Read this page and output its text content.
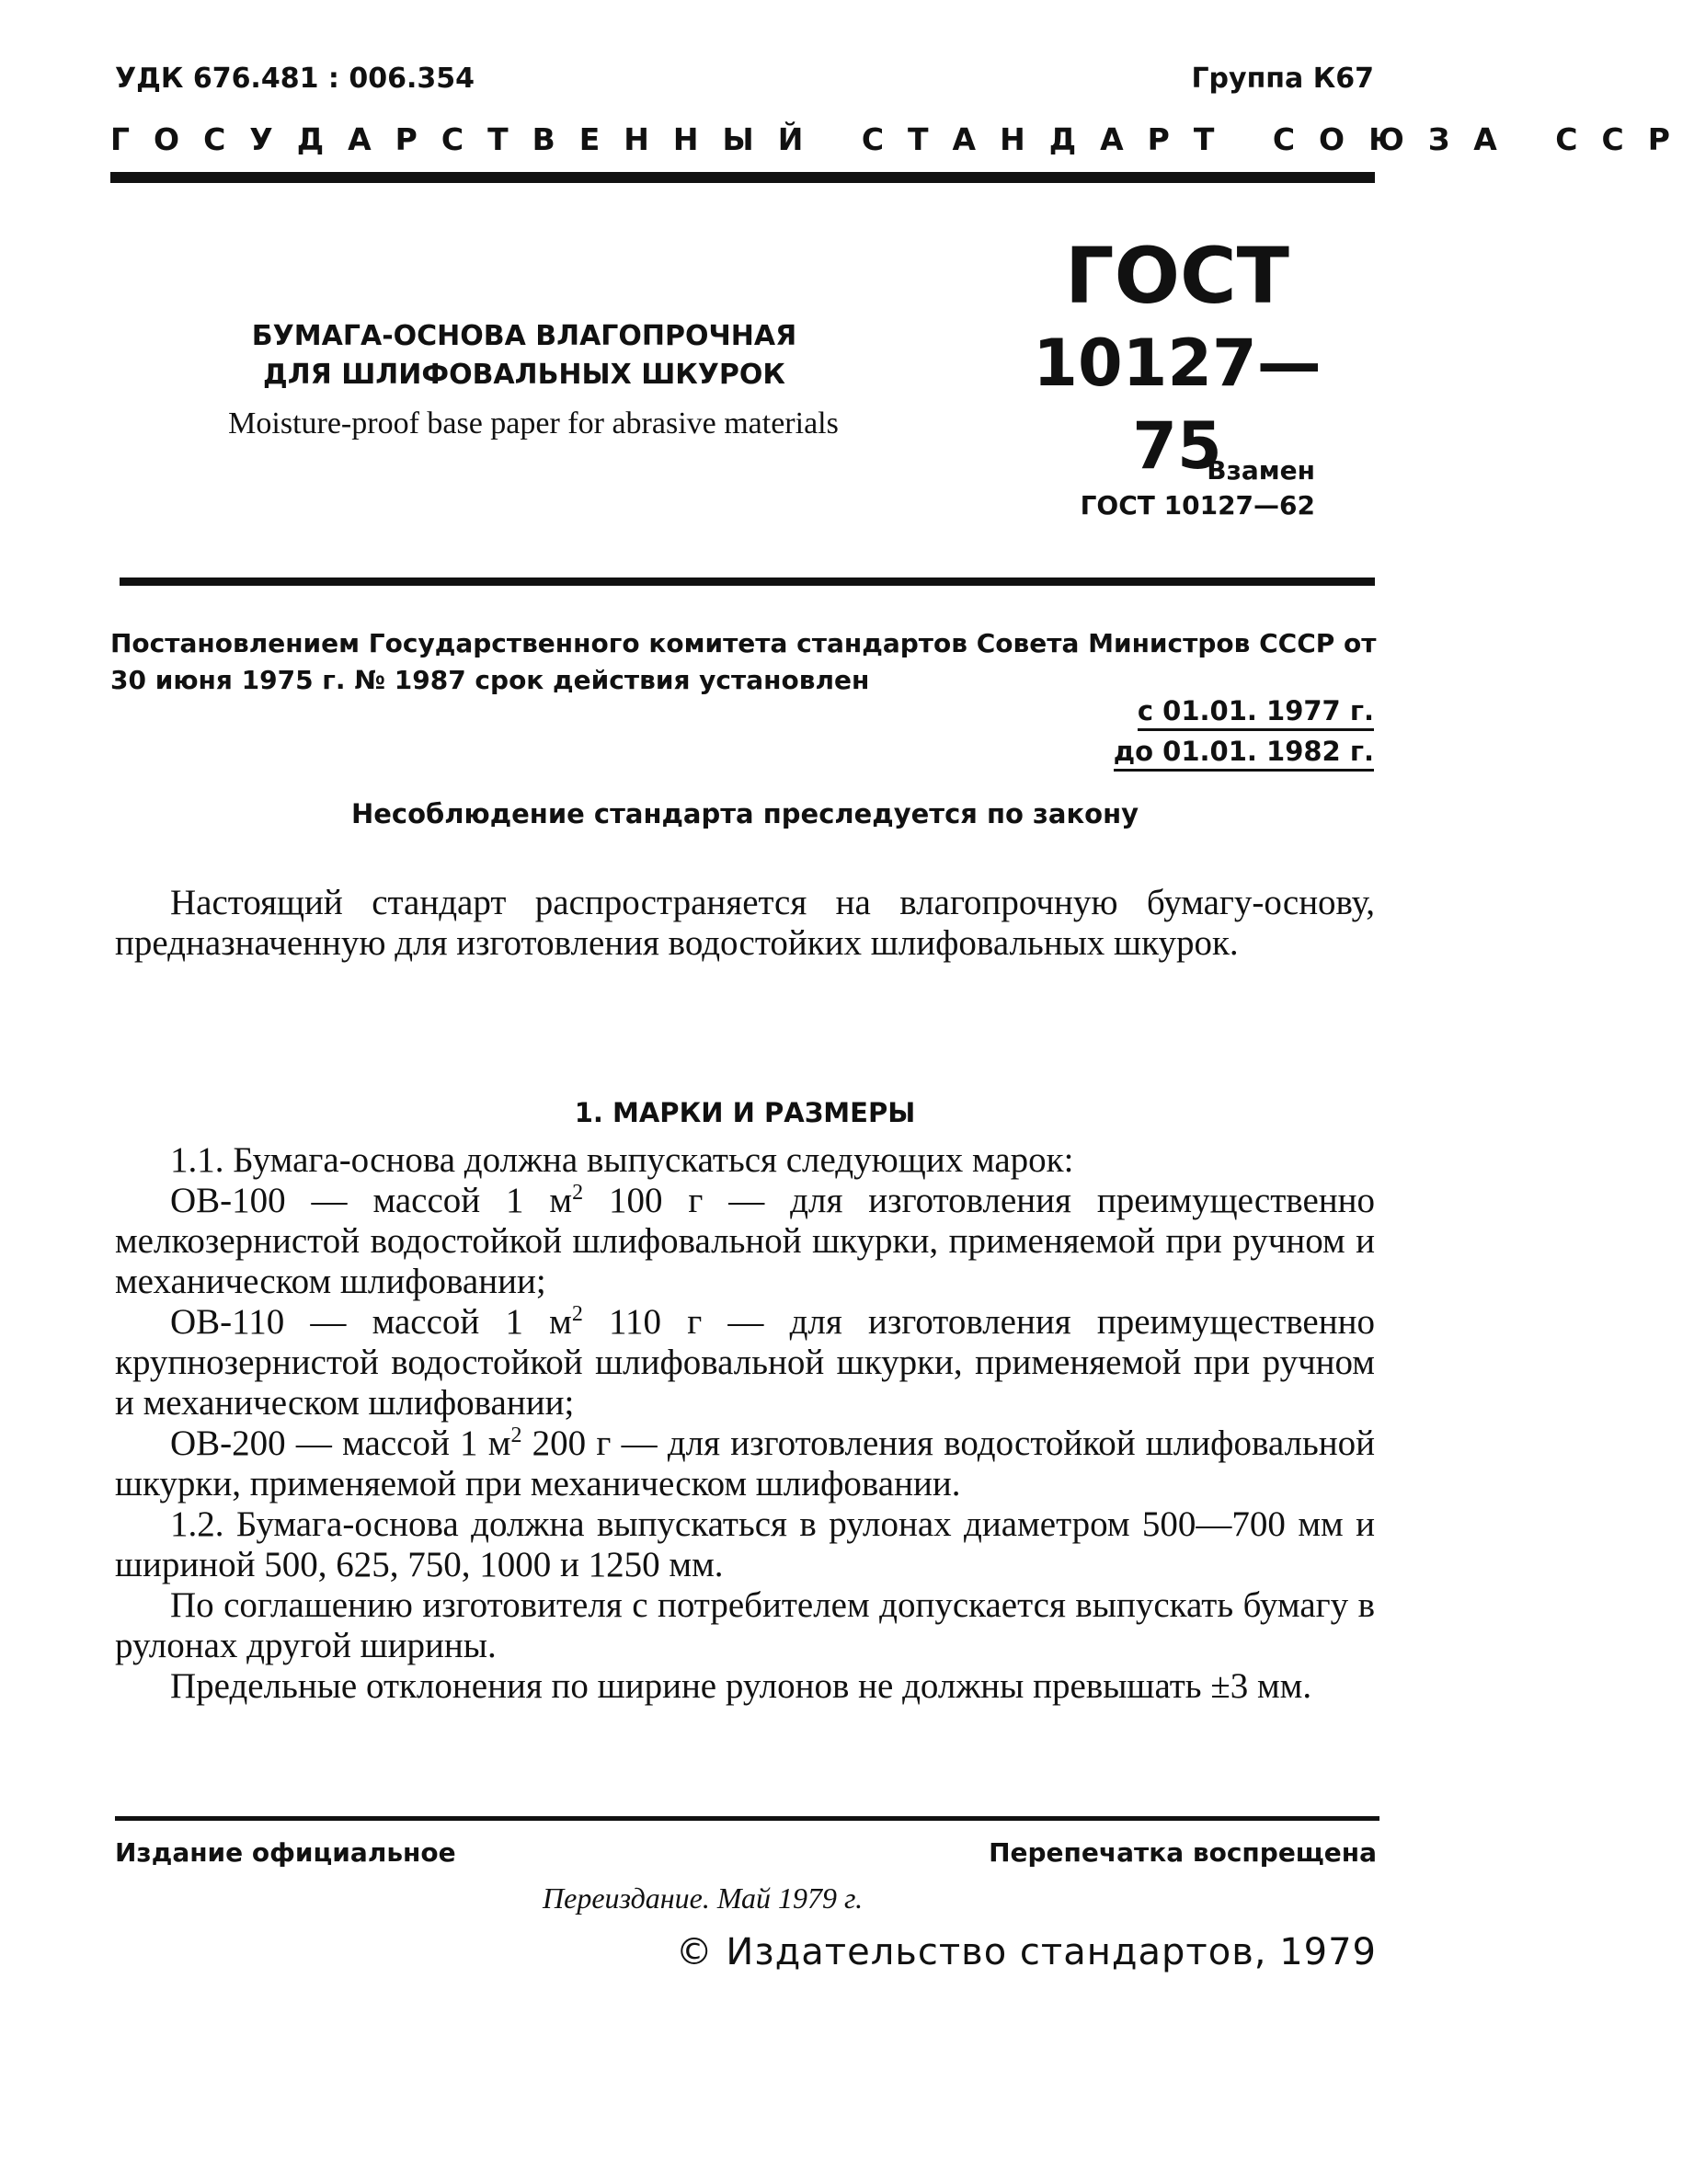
УДК 676.481 : 006.354	Группа К67
ГОСУДАРСТВЕННЫЙ СТАНДАРТ СОЮЗА ССР
БУМАГА-ОСНОВА ВЛАГОПРОЧНАЯ
ДЛЯ ШЛИФОВАЛЬНЫХ ШКУРОК
Moisture-proof base paper for abrasive materials
ГОСТ
10127—75
Взамен
ГОСТ 10127—62
Постановлением Государственного комитета стандартов Совета Министров СССР от 30 июня 1975 г. № 1987 срок действия установлен
с 01.01. 1977 г.
до 01.01. 1982 г.
Несоблюдение стандарта преследуется по закону

Настоящий стандарт распространяется на влагопрочную бумагу-основу, предназначенную для изготовления водостойких шлифовальных шкурок.

1. МАРКИ И РАЗМЕРЫ

1.1. Бумага-основа должна выпускаться следующих марок:

ОВ-100 — массой 1 $м^2$ 100 г — для изготовления преимущественно мелкозернистой водостойкой шлифовальной шкурки, применяемой при ручном и механическом шлифовании;

ОВ-110 — массой 1 $м^2$ 110 г — для изготовления преимущественно крупнозернистой водостойкой шлифовальной шкурки, применяемой при ручном и механическом шлифовании;

ОВ-200 — массой 1 $м^2$ 200 г — для изготовления водостойкой шлифовальной шкурки, применяемой при механическом шлифовании.

1.2. Бумага-основа должна выпускаться в рулонах диаметром 500—700 мм и шириной 500, 625, 750, 1000 и 1250 мм.

По соглашению изготовителя с потребителем допускается выпускать бумагу в рулонах другой ширины.

Предельные отклонения по ширине рулонов не должны превышать ±3 мм.

Издание официальное	Перепечатка воспрещена
Переиздание. Май 1979 г.
© Издательство стандартов, 1979
